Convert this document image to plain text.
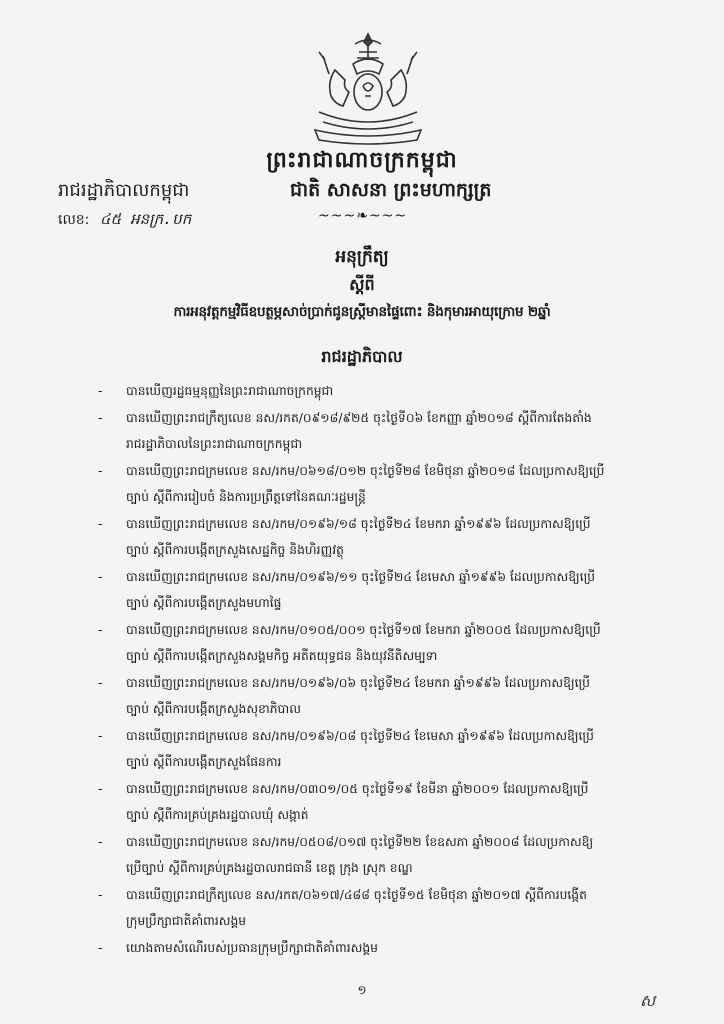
ព្រះរាជាណាចក្រកម្ពុជា
រាជរដ្ឋាភិបាលកម្ពុជា	ជាតិ សាសនា ព្រះមហាក្សត្រ
លេខ: ៤៥ អនក្រ.បក	~~~❧~~~
អនុក្រឹត្យ
ស្ដីពី
ការអនុវត្តកម្មវិធីឧបត្ថម្ភសាច់ប្រាក់ជូនស្ត្រីមានផ្ទៃពោះ និងកុមារអាយុក្រោម ២ឆ្នាំ
រាជរដ្ឋាភិបាល
- បានឃើញរដ្ឋធម្មនុញ្ញនៃព្រះរាជាណាចក្រកម្ពុជា
- បានឃើញព្រះរាជក្រឹត្យលេខ នស/រកត/០៩១៨/៩២៥ ចុះថ្ងៃទី០៦ ខែកញ្ញា ឆ្នាំ២០១៨ ស្ដីពីការតែងតាំង
រាជរដ្ឋាភិបាលនៃព្រះរាជាណាចក្រកម្ពុជា
- បានឃើញព្រះរាជក្រមលេខ នស/រកម/០៦១៨/០១២ ចុះថ្ងៃទី២៨ ខែមិថុនា ឆ្នាំ២០១៨ ដែលប្រកាសឱ្យប្រើ
ច្បាប់ ស្ដីពីការរៀបចំ និងការប្រព្រឹត្តទៅនៃគណៈរដ្ឋមន្ត្រី
- បានឃើញព្រះរាជក្រមលេខ នស/រកម/០១៩៦/១៨ ចុះថ្ងៃទី២៤ ខែមករា ឆ្នាំ១៩៩៦ ដែលប្រកាសឱ្យប្រើ
ច្បាប់ ស្ដីពីការបង្កើតក្រសួងសេដ្ឋកិច្ច និងហិរញ្ញវត្ថុ
- បានឃើញព្រះរាជក្រមលេខ នស/រកម/០១៩៦/១១ ចុះថ្ងៃទី២៤ ខែមេសា ឆ្នាំ១៩៩៦ ដែលប្រកាសឱ្យប្រើ
ច្បាប់ ស្ដីពីការបង្កើតក្រសួងមហាផ្ទៃ
- បានឃើញព្រះរាជក្រមលេខ នស/រកម/០១០៥/០០១ ចុះថ្ងៃទី១៧ ខែមករា ឆ្នាំ២០០៥ ដែលប្រកាសឱ្យប្រើ
ច្បាប់ ស្ដីពីការបង្កើតក្រសួងសង្គមកិច្ច អតីតយុទ្ធជន និងយុវនីតិសម្បទា
- បានឃើញព្រះរាជក្រមលេខ នស/រកម/០១៩៦/០៦ ចុះថ្ងៃទី២៤ ខែមករា ឆ្នាំ១៩៩៦ ដែលប្រកាសឱ្យប្រើ
ច្បាប់ ស្ដីពីការបង្កើតក្រសួងសុខាភិបាល
- បានឃើញព្រះរាជក្រមលេខ នស/រកម/០១៩៦/០៨ ចុះថ្ងៃទី២៤ ខែមេសា ឆ្នាំ១៩៩៦ ដែលប្រកាសឱ្យប្រើ
ច្បាប់ ស្ដីពីការបង្កើតក្រសួងផែនការ
- បានឃើញព្រះរាជក្រមលេខ នស/រកម/០៣០១/០៥ ចុះថ្ងៃទី១៩ ខែមីនា ឆ្នាំ២០០១ ដែលប្រកាសឱ្យប្រើ
ច្បាប់ ស្ដីពីការគ្រប់គ្រងរដ្ឋបាលឃុំ សង្កាត់
- បានឃើញព្រះរាជក្រមលេខ នស/រកម/០៥០៨/០១៧ ចុះថ្ងៃទី២២ ខែឧសភា ឆ្នាំ២០០៨ ដែលប្រកាសឱ្យ
ប្រើច្បាប់ ស្ដីពីការគ្រប់គ្រងរដ្ឋបាលរាជធានី ខេត្ត ក្រុង ស្រុក ខណ្ឌ
- បានឃើញព្រះរាជក្រឹត្យលេខ នស/រកត/០៦១៧/៤៨៨ ចុះថ្ងៃទី១៥ ខែមិថុនា ឆ្នាំ២០១៧ ស្ដីពីការបង្កើត
ក្រុមប្រឹក្សាជាតិគាំពារសង្គម
- យោងតាមសំណើរបស់ប្រធានក្រុមប្រឹក្សាជាតិគាំពារសង្គម
១
ស
